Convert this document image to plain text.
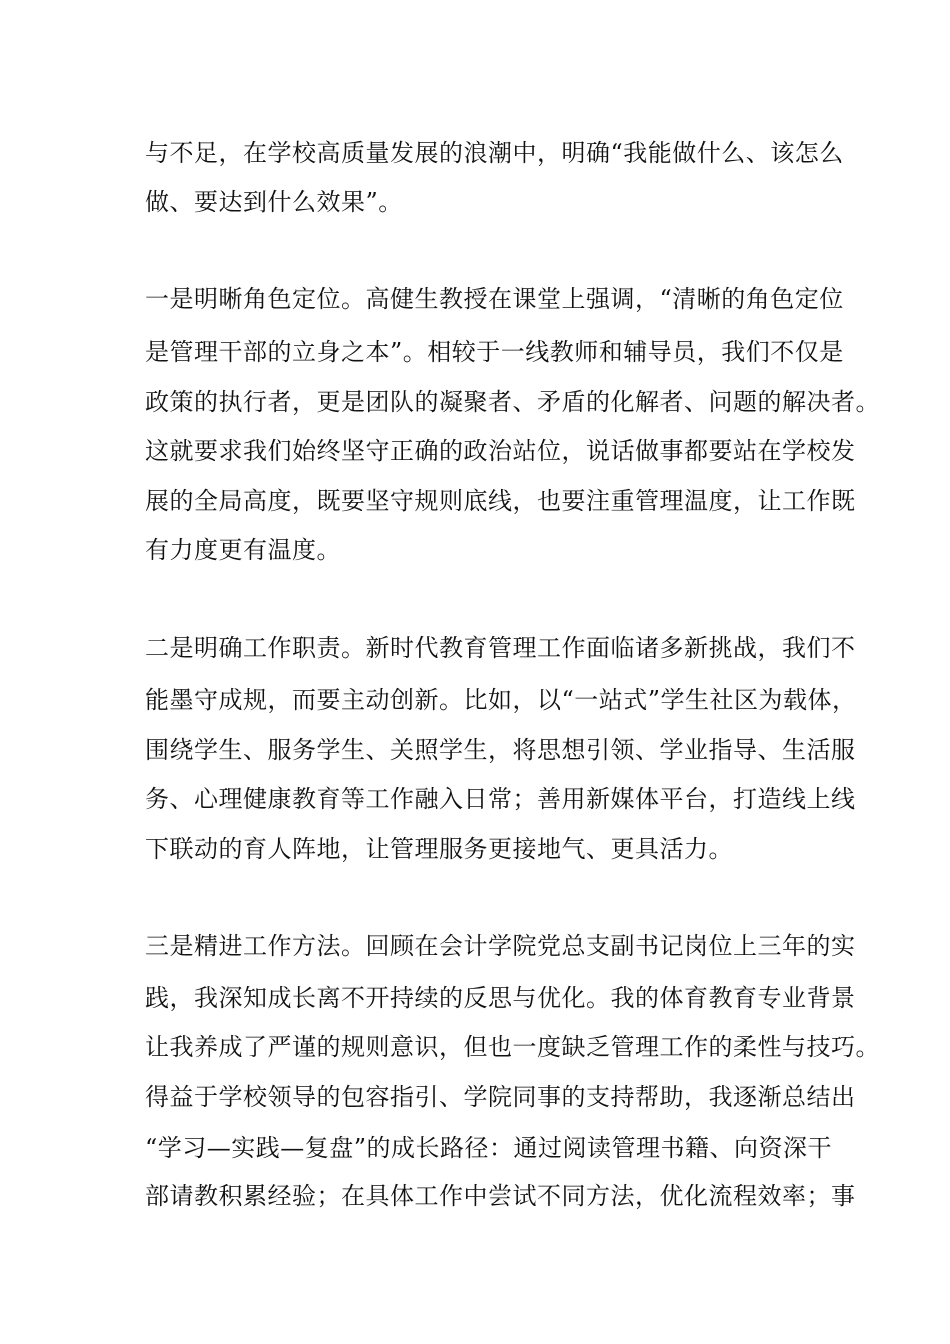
与不足，在学校高质量发展的浪潮中，明确“我能做什么、该怎么
做、要达到什么效果”。
一是明晰角色定位。高健生教授在课堂上强调，“清晰的角色定位
是管理干部的立身之本”。相较于一线教师和辅导员，我们不仅是
政策的执行者，更是团队的凝聚者、矛盾的化解者、问题的解决者。
这就要求我们始终坚守正确的政治站位，说话做事都要站在学校发
展的全局高度，既要坚守规则底线，也要注重管理温度，让工作既
有力度更有温度。
二是明确工作职责。新时代教育管理工作面临诸多新挑战，我们不
能墨守成规，而要主动创新。比如，以“一站式”学生社区为载体，
围绕学生、服务学生、关照学生，将思想引领、学业指导、生活服
务、心理健康教育等工作融入日常；善用新媒体平台，打造线上线
下联动的育人阵地，让管理服务更接地气、更具活力。
三是精进工作方法。回顾在会计学院党总支副书记岗位上三年的实
践，我深知成长离不开持续的反思与优化。我的体育教育专业背景
让我养成了严谨的规则意识，但也一度缺乏管理工作的柔性与技巧。
得益于学校领导的包容指引、学院同事的支持帮助，我逐渐总结出
“学习—实践—复盘”的成长路径：通过阅读管理书籍、向资深干
部请教积累经验；在具体工作中尝试不同方法，优化流程效率；事
